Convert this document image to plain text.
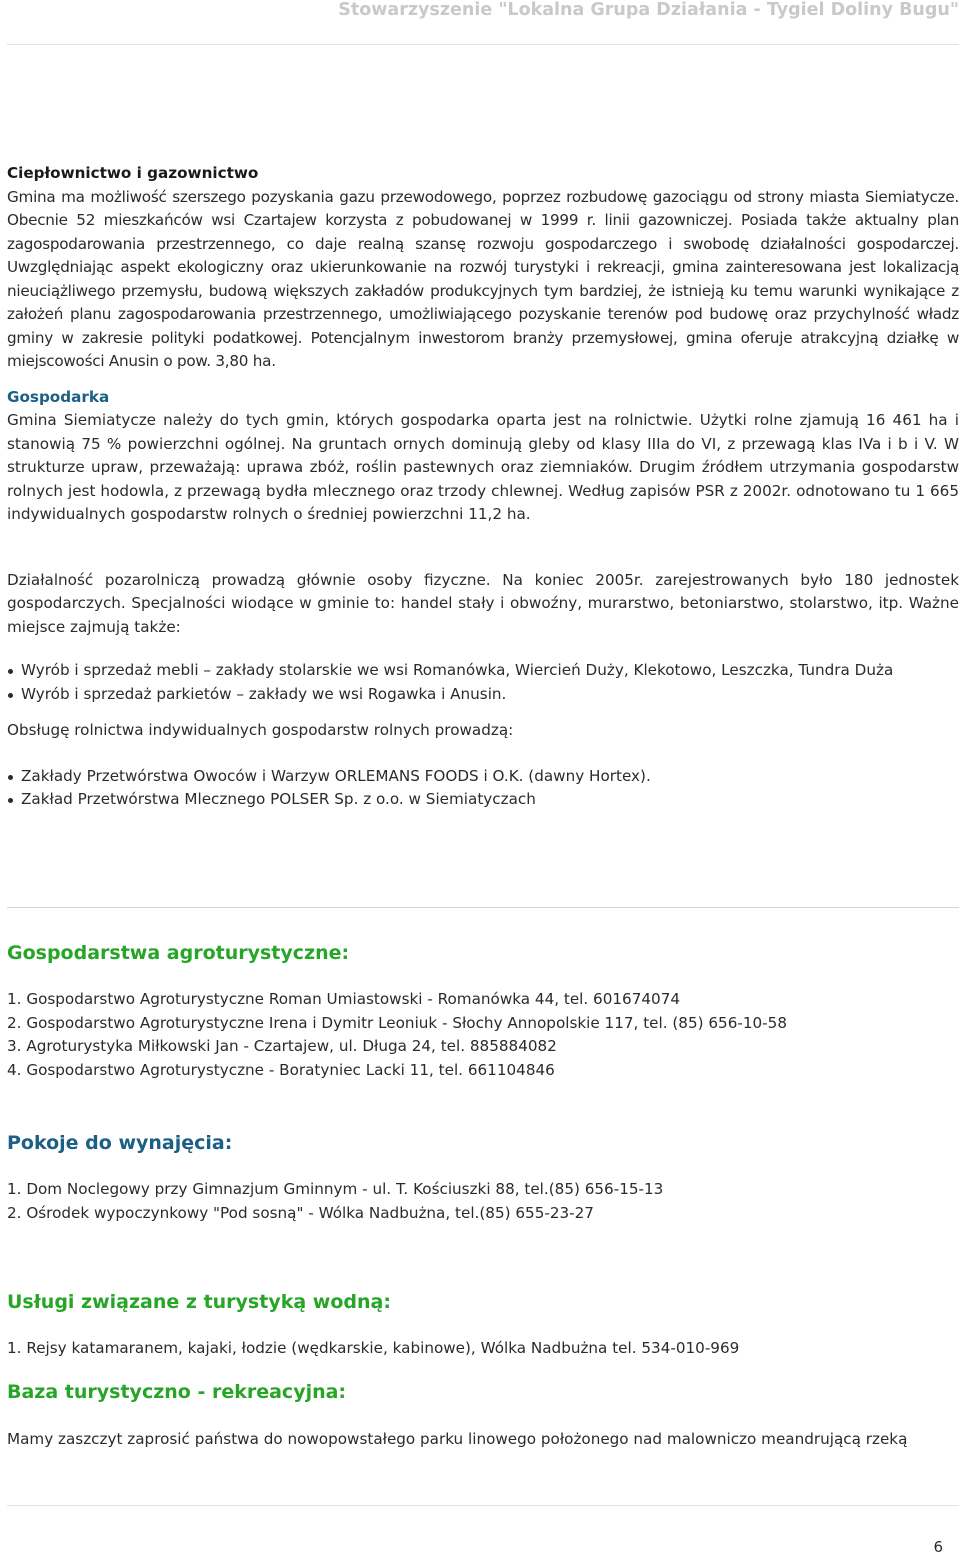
Stowarzyszenie "Lokalna Grupa Działania - Tygiel Doliny Bugu"
Ciepłownictwo i gazownictwo

Gmina ma możliwość szerszego pozyskania gazu przewodowego, poprzez rozbudowę gazociągu od strony miasta Siemiatycze. Obecnie 52 mieszkańców wsi Czartajew korzysta z pobudowanej w 1999 r. linii gazowniczej. Posiada także aktualny plan zagospodarowania przestrzennego, co daje realną szansę rozwoju gospodarczego i swobodę działalności gospodarczej. Uwzględniając aspekt ekologiczny oraz ukierunkowanie na rozwój turystyki i rekreacji, gmina zainteresowana jest lokalizacją nieuciążliwego przemysłu, budową większych zakładów produkcyjnych tym bardziej, że istnieją ku temu warunki wynikające z założeń planu zagospodarowania przestrzennego, umożliwiającego pozyskanie terenów pod budowę oraz przychylność władz gminy w zakresie polityki podatkowej. Potencjalnym inwestorom branży przemysłowej, gmina oferuje atrakcyjną działkę w miejscowości Anusin o pow. 3,80 ha.

Gospodarka

Gmina Siemiatycze należy do tych gmin, których gospodarka oparta jest na rolnictwie. Użytki rolne zjamują 16 461 ha i stanowią 75 % powierzchni ogólnej. Na gruntach ornych dominują gleby od klasy IIIa do VI, z przewagą klas IVa i b i V. W strukturze upraw, przeważają: uprawa zbóż, roślin pastewnych oraz ziemniaków. Drugim źródłem utrzymania gospodarstw rolnych jest hodowla, z przewagą bydła mlecznego oraz trzody chlewnej. Według zapisów PSR z 2002r. odnotowano tu 1 665 indywidualnych gospodarstw rolnych o średniej powierzchni 11,2 ha.

Działalność pozarolniczą prowadzą głównie osoby fizyczne. Na koniec 2005r. zarejestrowanych było 180 jednostek gospodarczych. Specjalności wiodące w gminie to: handel stały i obwoźny, murarstwo, betoniarstwo, stolarstwo, itp. Ważne miejsce zajmują także:

Wyrób i sprzedaż mebli – zakłady stolarskie we wsi Romanówka, Wiercień Duży, Klekotowo, Leszczka, Tundra Duża
Wyrób i sprzedaż parkietów – zakłady we wsi Rogawka i Anusin.

Obsługę rolnictwa indywidualnych gospodarstw rolnych prowadzą:

Zakłady Przetwórstwa Owoców i Warzyw ORLEMANS FOODS i O.K. (dawny Hortex).
Zakład Przetwórstwa Mlecznego POLSER Sp. z o.o. w Siemiatyczach
Gospodarstwa agroturystyczne:
1. Gospodarstwo Agroturystyczne Roman Umiastowski - Romanówka 44, tel. 601674074
2. Gospodarstwo Agroturystyczne Irena i Dymitr Leoniuk - Słochy Annopolskie 117, tel. (85) 656-10-58
3. Agroturystyka Miłkowski Jan - Czartajew, ul. Długa 24, tel. 885884082
4. Gospodarstwo Agroturystyczne - Boratyniec Lacki 11, tel. 661104846
Pokoje do wynajęcia:
1. Dom Noclegowy przy Gimnazjum Gminnym - ul. T. Kościuszki 88, tel.(85) 656-15-13
2. Ośrodek wypoczynkowy "Pod sosną" - Wólka Nadbużna, tel.(85) 655-23-27
Usługi związane z turystyką wodną:
1. Rejsy katamaranem, kajaki, łodzie (wędkarskie, kabinowe), Wólka Nadbużna tel. 534-010-969
Baza turystyczno - rekreacyjna:
Mamy zaszczyt zaprosić państwa do nowopowstałego parku linowego położonego nad malowniczo meandrującą rzeką
6
